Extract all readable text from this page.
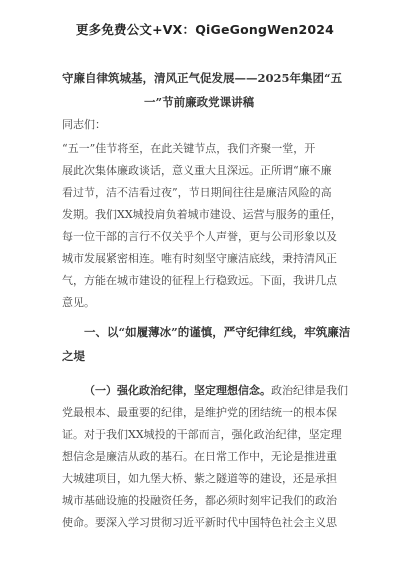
更多免费公文+VX：QiGeGongWen2024
守廉自律筑城基，清风正气促发展——2025年集团“五
一”节前廉政党课讲稿
同志们：
“五一”佳节将至，在此关键节点，我们齐聚一堂，开
展此次集体廉政谈话，意义重大且深远。正所谓“廉不廉
看过节，洁不洁看过夜”，节日期间往往是廉洁风险的高
发期。我们XX城投肩负着城市建设、运营与服务的重任，
每一位干部的言行不仅关乎个人声誉，更与公司形象以及
城市发展紧密相连。唯有时刻坚守廉洁底线，秉持清风正
气，方能在城市建设的征程上行稳致远。下面，我讲几点
意见。
一、以“如履薄冰”的谨慎，严守纪律红线，牢筑廉洁
之堤
（一）强化政治纪律，坚定理想信念。政治纪律是我们
党最根本、最重要的纪律，是维护党的团结统一的根本保
证。对于我们XX城投的干部而言，强化政治纪律，坚定理
想信念是廉洁从政的基石。在日常工作中，无论是推进重
大城建项目，如九堡大桥、紫之隧道等的建设，还是承担
城市基础设施的投融资任务，都必须时刻牢记我们的政治
使命。要深入学习贯彻习近平新时代中国特色社会主义思
